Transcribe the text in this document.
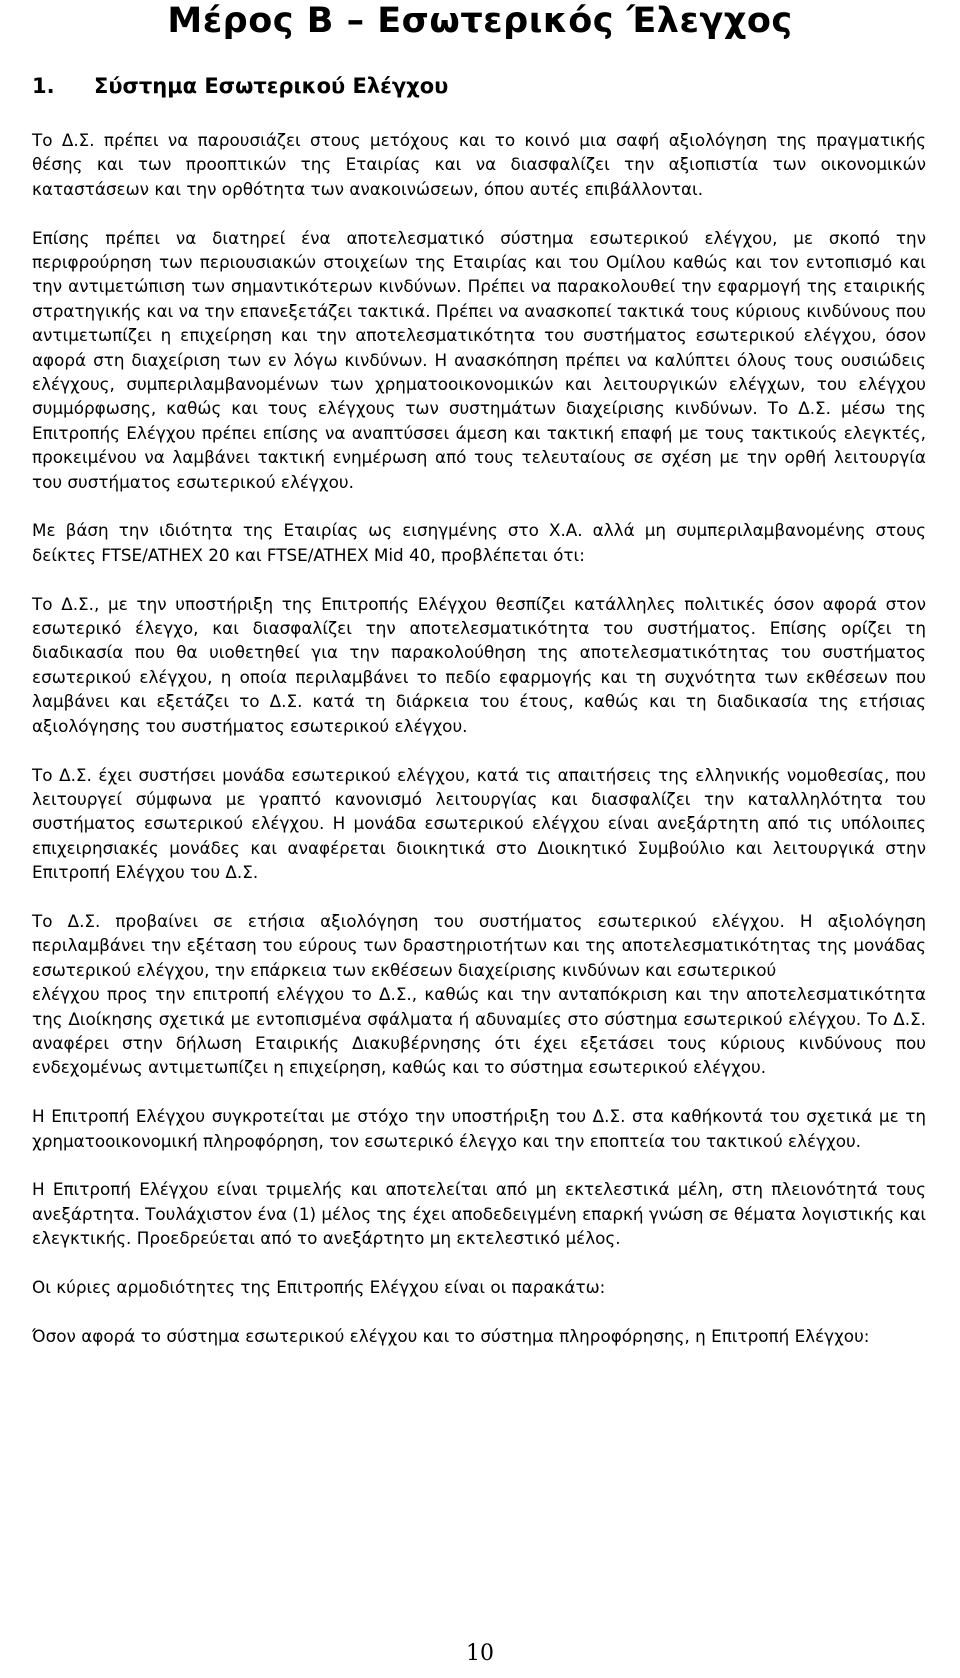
Μέρος Β – Εσωτερικός Έλεγχος
1. Σύστημα Εσωτερικού Ελέγχου

Το Δ.Σ. πρέπει να παρουσιάζει στους μετόχους και το κοινό μια σαφή αξιολόγηση της πραγματικής θέσης και των προοπτικών της Εταιρίας και να διασφαλίζει την αξιοπιστία των οικονομικών καταστάσεων και την ορθότητα των ανακοινώσεων, όπου αυτές επιβάλλονται.

Επίσης πρέπει να διατηρεί ένα αποτελεσματικό σύστημα εσωτερικού ελέγχου, με σκοπό την περιφρούρηση των περιουσιακών στοιχείων της Εταιρίας και του Ομίλου καθώς και τον εντοπισμό και την αντιμετώπιση των σημαντικότερων κινδύνων. Πρέπει να παρακολουθεί την εφαρμογή της εταιρικής στρατηγικής και να την επανεξετάζει τακτικά. Πρέπει να ανασκοπεί τακτικά τους κύριους κινδύνους που αντιμετωπίζει η επιχείρηση και την αποτελεσματικότητα του συστήματος εσωτερικού ελέγχου, όσον αφορά στη διαχείριση των εν λόγω κινδύνων. Η ανασκόπηση πρέπει να καλύπτει όλους τους ουσιώδεις ελέγχους, συμπεριλαμβανομένων των χρηματοοικονομικών και λειτουργικών ελέγχων, του ελέγχου συμμόρφωσης, καθώς και τους ελέγχους των συστημάτων διαχείρισης κινδύνων. Το Δ.Σ. μέσω της Επιτροπής Ελέγχου πρέπει επίσης να αναπτύσσει άμεση και τακτική επαφή με τους τακτικούς ελεγκτές, προκειμένου να λαμβάνει τακτική ενημέρωση από τους τελευταίους σε σχέση με την ορθή λειτουργία του συστήματος εσωτερικού ελέγχου.

Με βάση την ιδιότητα της Εταιρίας ως εισηγμένης στο Χ.Α. αλλά μη συμπεριλαμβανομένης στους δείκτες FTSE/ATHEX 20 και FTSE/ATHEX Mid 40, προβλέπεται ότι:

Το Δ.Σ., με την υποστήριξη της Επιτροπής Ελέγχου θεσπίζει κατάλληλες πολιτικές όσον αφορά στον εσωτερικό έλεγχο, και διασφαλίζει την αποτελεσματικότητα του συστήματος. Επίσης ορίζει τη διαδικασία που θα υιοθετηθεί για την παρακολούθηση της αποτελεσματικότητας του συστήματος εσωτερικού ελέγχου, η οποία περιλαμβάνει το πεδίο εφαρμογής και τη συχνότητα των εκθέσεων που λαμβάνει και εξετάζει το Δ.Σ. κατά τη διάρκεια του έτους, καθώς και τη διαδικασία της ετήσιας αξιολόγησης του συστήματος εσωτερικού ελέγχου.

Το Δ.Σ. έχει συστήσει μονάδα εσωτερικού ελέγχου, κατά τις απαιτήσεις της ελληνικής νομοθεσίας, που λειτουργεί σύμφωνα με γραπτό κανονισμό λειτουργίας και διασφαλίζει την καταλληλότητα του συστήματος εσωτερικού ελέγχου. Η μονάδα εσωτερικού ελέγχου είναι ανεξάρτητη από τις υπόλοιπες επιχειρησιακές μονάδες και αναφέρεται διοικητικά στο Διοικητικό Συμβούλιο και λειτουργικά στην Επιτροπή Ελέγχου του Δ.Σ.

Το Δ.Σ. προβαίνει σε ετήσια αξιολόγηση του συστήματος εσωτερικού ελέγχου. Η αξιολόγηση περιλαμβάνει την εξέταση του εύρους των δραστηριοτήτων και της αποτελεσματικότητας της μονάδας εσωτερικού ελέγχου, την επάρκεια των εκθέσεων διαχείρισης κινδύνων και εσωτερικού

ελέγχου προς την επιτροπή ελέγχου το Δ.Σ., καθώς και την ανταπόκριση και την αποτελεσματικότητα της Διοίκησης σχετικά με εντοπισμένα σφάλματα ή αδυναμίες στο σύστημα εσωτερικού ελέγχου. Το Δ.Σ. αναφέρει στην δήλωση Εταιρικής Διακυβέρνησης ότι έχει εξετάσει τους κύριους κινδύνους που ενδεχομένως αντιμετωπίζει η επιχείρηση, καθώς και το σύστημα εσωτερικού ελέγχου.

Η Επιτροπή Ελέγχου συγκροτείται με στόχο την υποστήριξη του Δ.Σ. στα καθήκοντά του σχετικά με τη χρηματοοικονομική πληροφόρηση, τον εσωτερικό έλεγχο και την εποπτεία του τακτικού ελέγχου.

Η Επιτροπή Ελέγχου είναι τριμελής και αποτελείται από μη εκτελεστικά μέλη, στη πλειονότητά τους ανεξάρτητα. Τουλάχιστον ένα (1) μέλος της έχει αποδεδειγμένη επαρκή γνώση σε θέματα λογιστικής και ελεγκτικής. Προεδρεύεται από το ανεξάρτητο μη εκτελεστικό μέλος.

Οι κύριες αρμοδιότητες της Επιτροπής Ελέγχου είναι οι παρακάτω:

Όσον αφορά το σύστημα εσωτερικού ελέγχου και το σύστημα πληροφόρησης, η Επιτροπή Ελέγχου:

10
